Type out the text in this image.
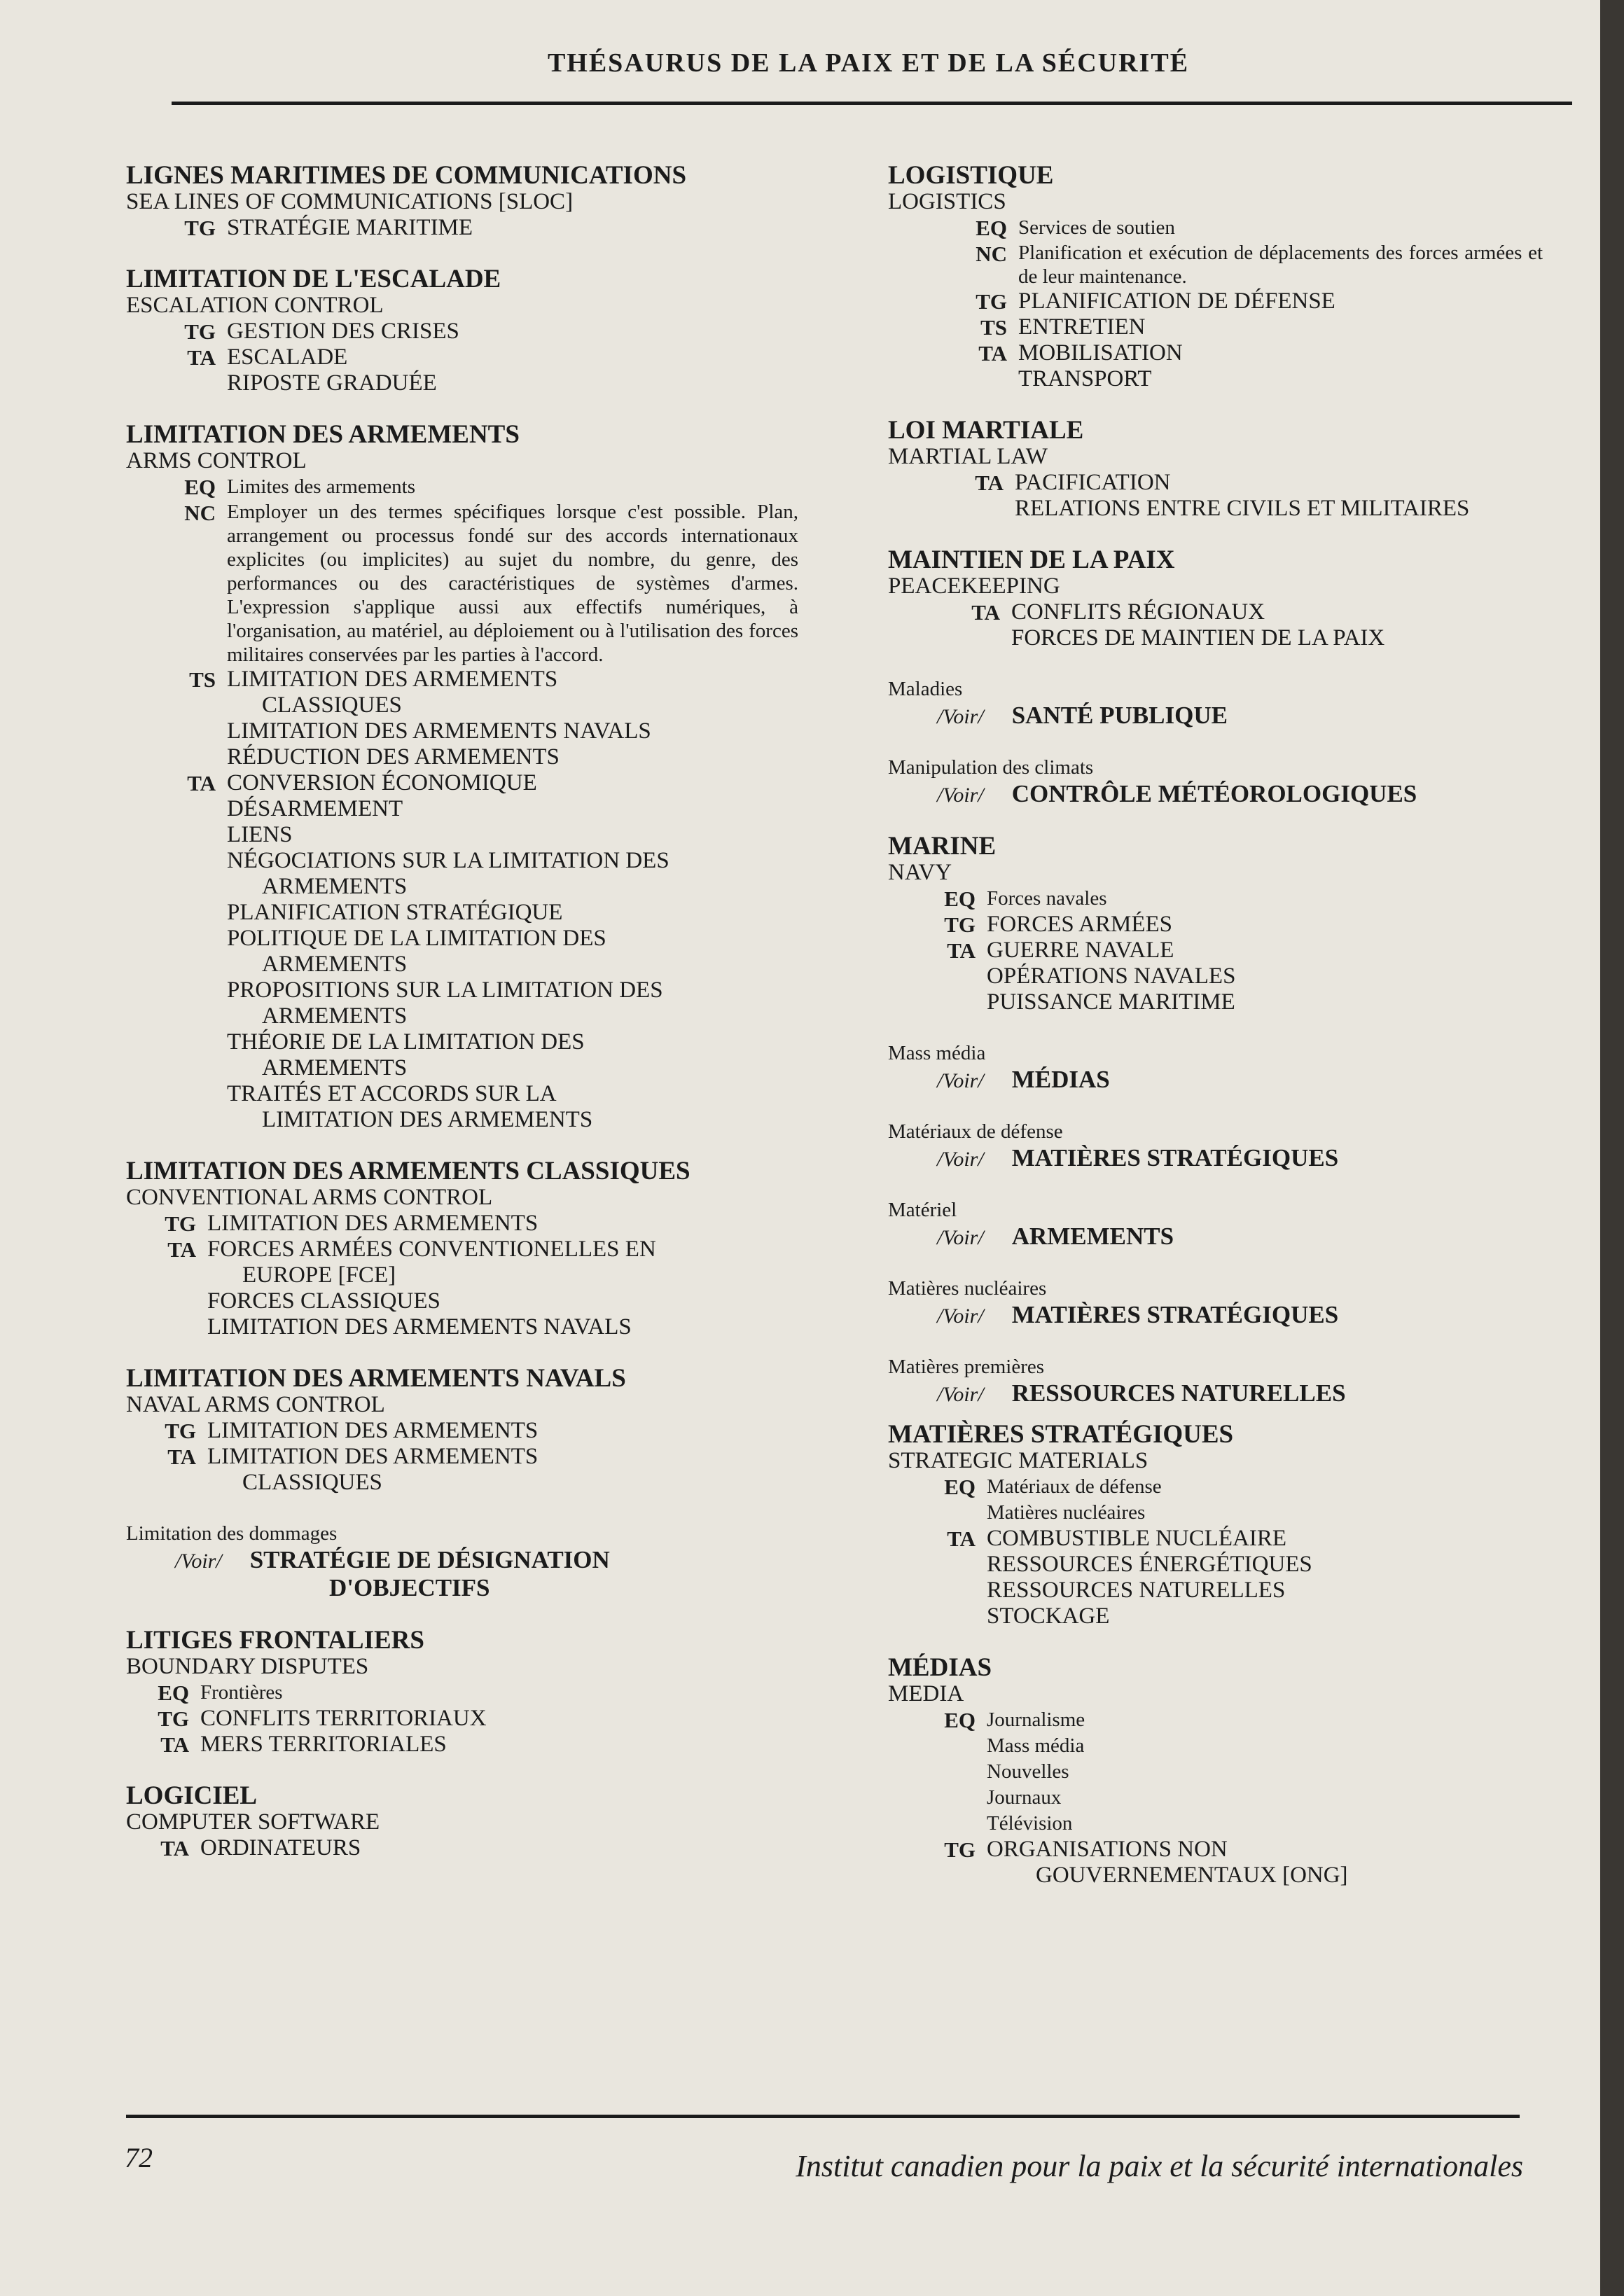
THÉSAURUS DE LA PAIX ET DE LA SÉCURITÉ
LIGNES MARITIMES DE COMMUNICATIONS
SEA LINES OF COMMUNICATIONS [SLOC]
TG STRATÉGIE MARITIME
LIMITATION DE L'ESCALADE
ESCALATION CONTROL
TG GESTION DES CRISES
TA ESCALADE
RIPOSTE GRADUÉE
LIMITATION DES ARMEMENTS
ARMS CONTROL
EQ Limites des armements
NC Employer un des termes spécifiques lorsque c'est possible. Plan, arrangement ou processus fondé sur des accords internationaux explicites (ou implicites) au sujet du nombre, du genre, des performances ou des caractéristiques de systèmes d'armes. L'expression s'applique aussi aux effectifs numériques, à l'organisation, au matériel, au déploiement ou à l'utilisation des forces militaires conservées par les parties à l'accord.
TS LIMITATION DES ARMEMENTS
CLASSIQUES
LIMITATION DES ARMEMENTS NAVALS
RÉDUCTION DES ARMEMENTS
TA CONVERSION ÉCONOMIQUE
DÉSARMEMENT
LIENS
NÉGOCIATIONS SUR LA LIMITATION DES
ARMEMENTS
PLANIFICATION STRATÉGIQUE
POLITIQUE DE LA LIMITATION DES
ARMEMENTS
PROPOSITIONS SUR LA LIMITATION DES
ARMEMENTS
THÉORIE DE LA LIMITATION DES
ARMEMENTS
TRAITÉS ET ACCORDS SUR LA
LIMITATION DES ARMEMENTS
LIMITATION DES ARMEMENTS CLASSIQUES
CONVENTIONAL ARMS CONTROL
TG LIMITATION DES ARMEMENTS
TA FORCES ARMÉES CONVENTIONELLES EN
EUROPE [FCE]
FORCES CLASSIQUES
LIMITATION DES ARMEMENTS NAVALS
LIMITATION DES ARMEMENTS NAVALS
NAVAL ARMS CONTROL
TG LIMITATION DES ARMEMENTS
TA LIMITATION DES ARMEMENTS
CLASSIQUES
Limitation des dommages
/Voir/	STRATÉGIE DE DÉSIGNATION
D'OBJECTIFS
LITIGES FRONTALIERS
BOUNDARY DISPUTES
EQ Frontières
TG CONFLITS TERRITORIAUX
TA MERS TERRITORIALES
LOGICIEL
COMPUTER SOFTWARE
TA ORDINATEURS
LOGISTIQUE
LOGISTICS
EQ Services de soutien
NC Planification et exécution de déplacements des forces armées et de leur maintenance.
TG PLANIFICATION DE DÉFENSE
TS ENTRETIEN
TA MOBILISATION
TRANSPORT
LOI MARTIALE
MARTIAL LAW
TA PACIFICATION
RELATIONS ENTRE CIVILS ET MILITAIRES
MAINTIEN DE LA PAIX
PEACEKEEPING
TA CONFLITS RÉGIONAUX
FORCES DE MAINTIEN DE LA PAIX
Maladies
/Voir/	SANTÉ PUBLIQUE
Manipulation des climats
/Voir/	CONTRÔLE MÉTÉOROLOGIQUES
MARINE
NAVY
EQ Forces navales
TG FORCES ARMÉES
TA GUERRE NAVALE
OPÉRATIONS NAVALES
PUISSANCE MARITIME
Mass média
/Voir/	MÉDIAS
Matériaux de défense
/Voir/	MATIÈRES STRATÉGIQUES
Matériel
/Voir/	ARMEMENTS
Matières nucléaires
/Voir/	MATIÈRES STRATÉGIQUES
Matières premières
/Voir/	RESSOURCES NATURELLES
MATIÈRES STRATÉGIQUES
STRATEGIC MATERIALS
EQ Matériaux de défense
Matières nucléaires
TA COMBUSTIBLE NUCLÉAIRE
RESSOURCES ÉNERGÉTIQUES
RESSOURCES NATURELLES
STOCKAGE
MÉDIAS
MEDIA
EQ Journalisme
Mass média
Nouvelles
Journaux
Télévision
TG ORGANISATIONS NON
GOUVERNEMENTAUX [ONG]
72	Institut canadien pour la paix et la sécurité internationales
